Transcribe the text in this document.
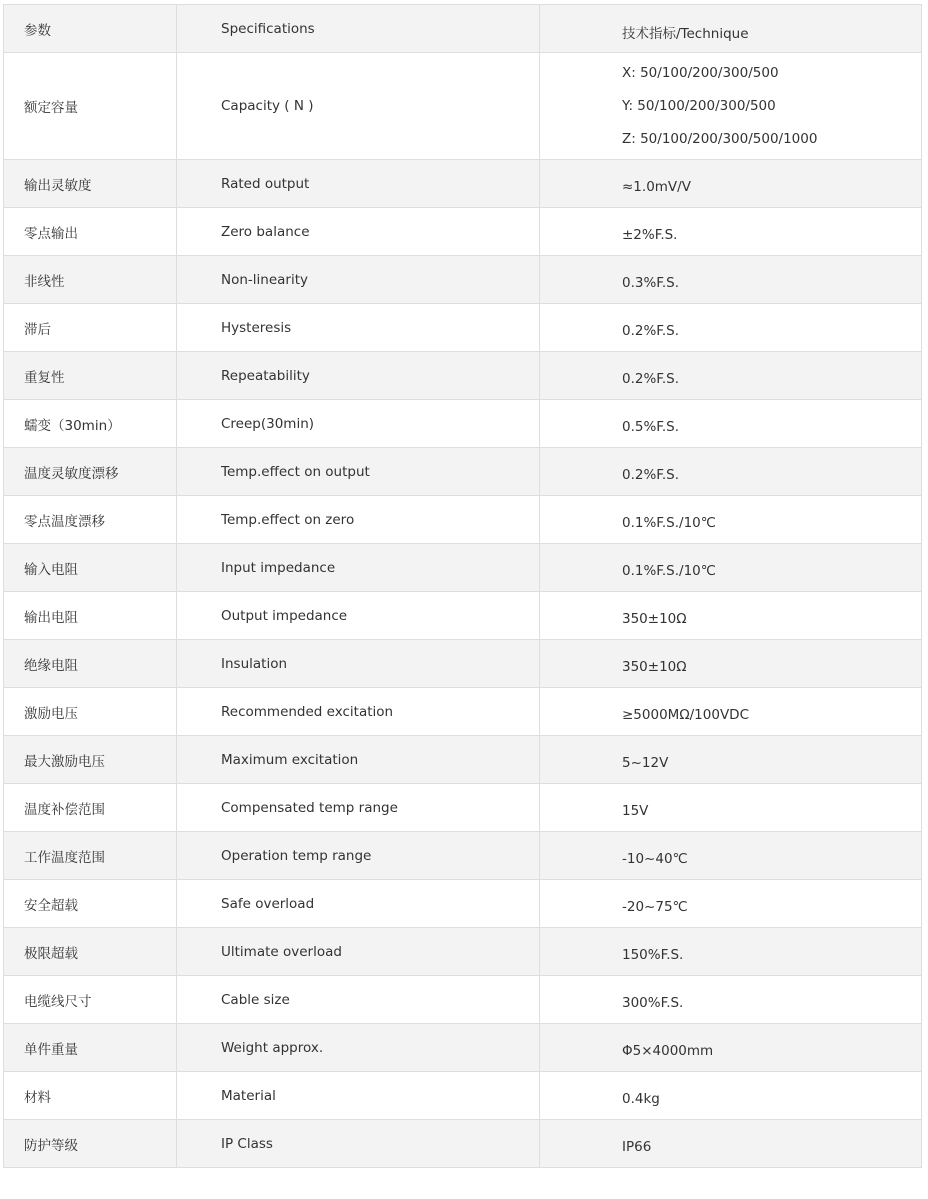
参数	Specifications	技术指标/Technique
额定容量	Capacity ( N )	X: 50/100/200/300/500
Y: 50/100/200/300/500
Z: 50/100/200/300/500/1000

输出灵敏度	Rated output	≈1.0mV/V
零点输出	Zero balance	±2%F.S.
非线性	Non-linearity	0.3%F.S.
滞后	Hysteresis	0.2%F.S.
重复性	Repeatability	0.2%F.S.
蠕变（30min）	Creep(30min)	0.5%F.S.
温度灵敏度漂移	Temp.effect on output	0.2%F.S.
零点温度漂移	Temp.effect on zero	0.1%F.S./10℃
输入电阻	Input impedance	0.1%F.S./10℃
输出电阻	Output impedance	350±10Ω
绝缘电阻	Insulation	350±10Ω
激励电压	Recommended excitation	≥5000MΩ/100VDC
最大激励电压	Maximum excitation	5~12V
温度补偿范围	Compensated temp range	15V
工作温度范围	Operation temp range	-10~40℃
安全超载	Safe overload	-20~75℃
极限超载	Ultimate overload	150%F.S.
电缆线尺寸	Cable size	300%F.S.
单件重量	Weight approx.	Φ5×4000mm
材料	Material	0.4kg
防护等级	IP Class	IP66
